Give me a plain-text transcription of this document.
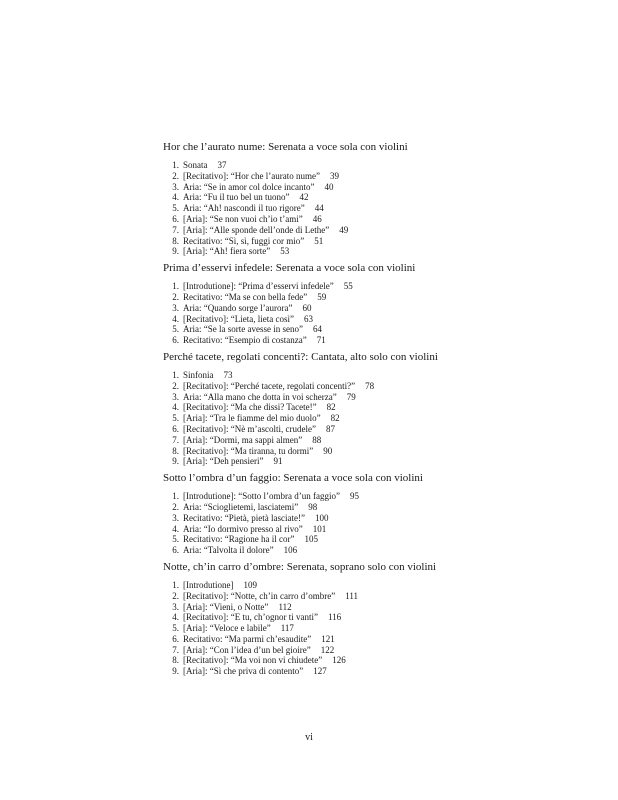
Hor che l’aurato nume: Serenata a voce sola con violini
1. Sonata 37
2. [Recitativo]: “Hor che l’aurato nume” 39
3. Aria: “Se in amor col dolce incanto” 40
4. Aria: “Fu il tuo bel un tuono” 42
5. Aria: “Ah! nascondi il tuo rigore” 44
6. [Aria]: “Se non vuoi ch’io t’ami” 46
7. [Aria]: “Alle sponde dell’onde di Lethe” 49
8. Recitativo: “Sì, sì, fuggi cor mio” 51
9. [Aria]: “Ah! fiera sorte” 53
Prima d’esservi infedele: Serenata a voce sola con violini
1. [Introdutione]: “Prima d’esservi infedele” 55
2. Recitativo: “Ma se con bella fede” 59
3. Aria: “Quando sorge l’aurora” 60
4. [Recitativo]: “Lieta, lieta così” 63
5. Aria: “Se la sorte avesse in seno” 64
6. Recitativo: “Esempio di costanza” 71
Perché tacete, regolati concenti?: Cantata, alto solo con violini
1. Sinfonia 73
2. [Recitativo]: “Perché tacete, regolati concenti?” 78
3. Aria: “Alla mano che dotta in voi scherza” 79
4. [Recitativo]: “Ma che dissi? Tacete!” 82
5. [Aria]: “Tra le fiamme del mio duolo” 82
6. [Recitativo]: “Nè m’ascolti, crudele” 87
7. [Aria]: “Dormi, ma sappi almen” 88
8. [Recitativo]: “Ma tiranna, tu dormi” 90
9. [Aria]: “Deh pensieri” 91
Sotto l’ombra d’un faggio: Serenata a voce sola con violini
1. [Introdutione]: “Sotto l’ombra d’un faggio” 95
2. Aria: “Scioglietemi, lasciatemi” 98
3. Recitativo: “Pietà, pietà lasciate!” 100
4. Aria: “Io dormivo presso al rivo” 101
5. Recitativo: “Ragione ha il cor” 105
6. Aria: “Talvolta il dolore” 106
Notte, ch’in carro d’ombre: Serenata, soprano solo con violini
1. [Introdutione] 109
2. [Recitativo]: “Notte, ch’in carro d’ombre” 111
3. [Aria]: “Vieni, o Notte” 112
4. [Recitativo]: “E tu, ch’ognor ti vanti” 116
5. [Aria]: “Veloce e labile” 117
6. Recitativo: “Ma parmi ch’esaudite” 121
7. [Aria]: “Con l’idea d’un bel gioire” 122
8. [Recitativo]: “Ma voi non vi chiudete” 126
9. [Aria]: “Sì che priva di contento” 127
vi
